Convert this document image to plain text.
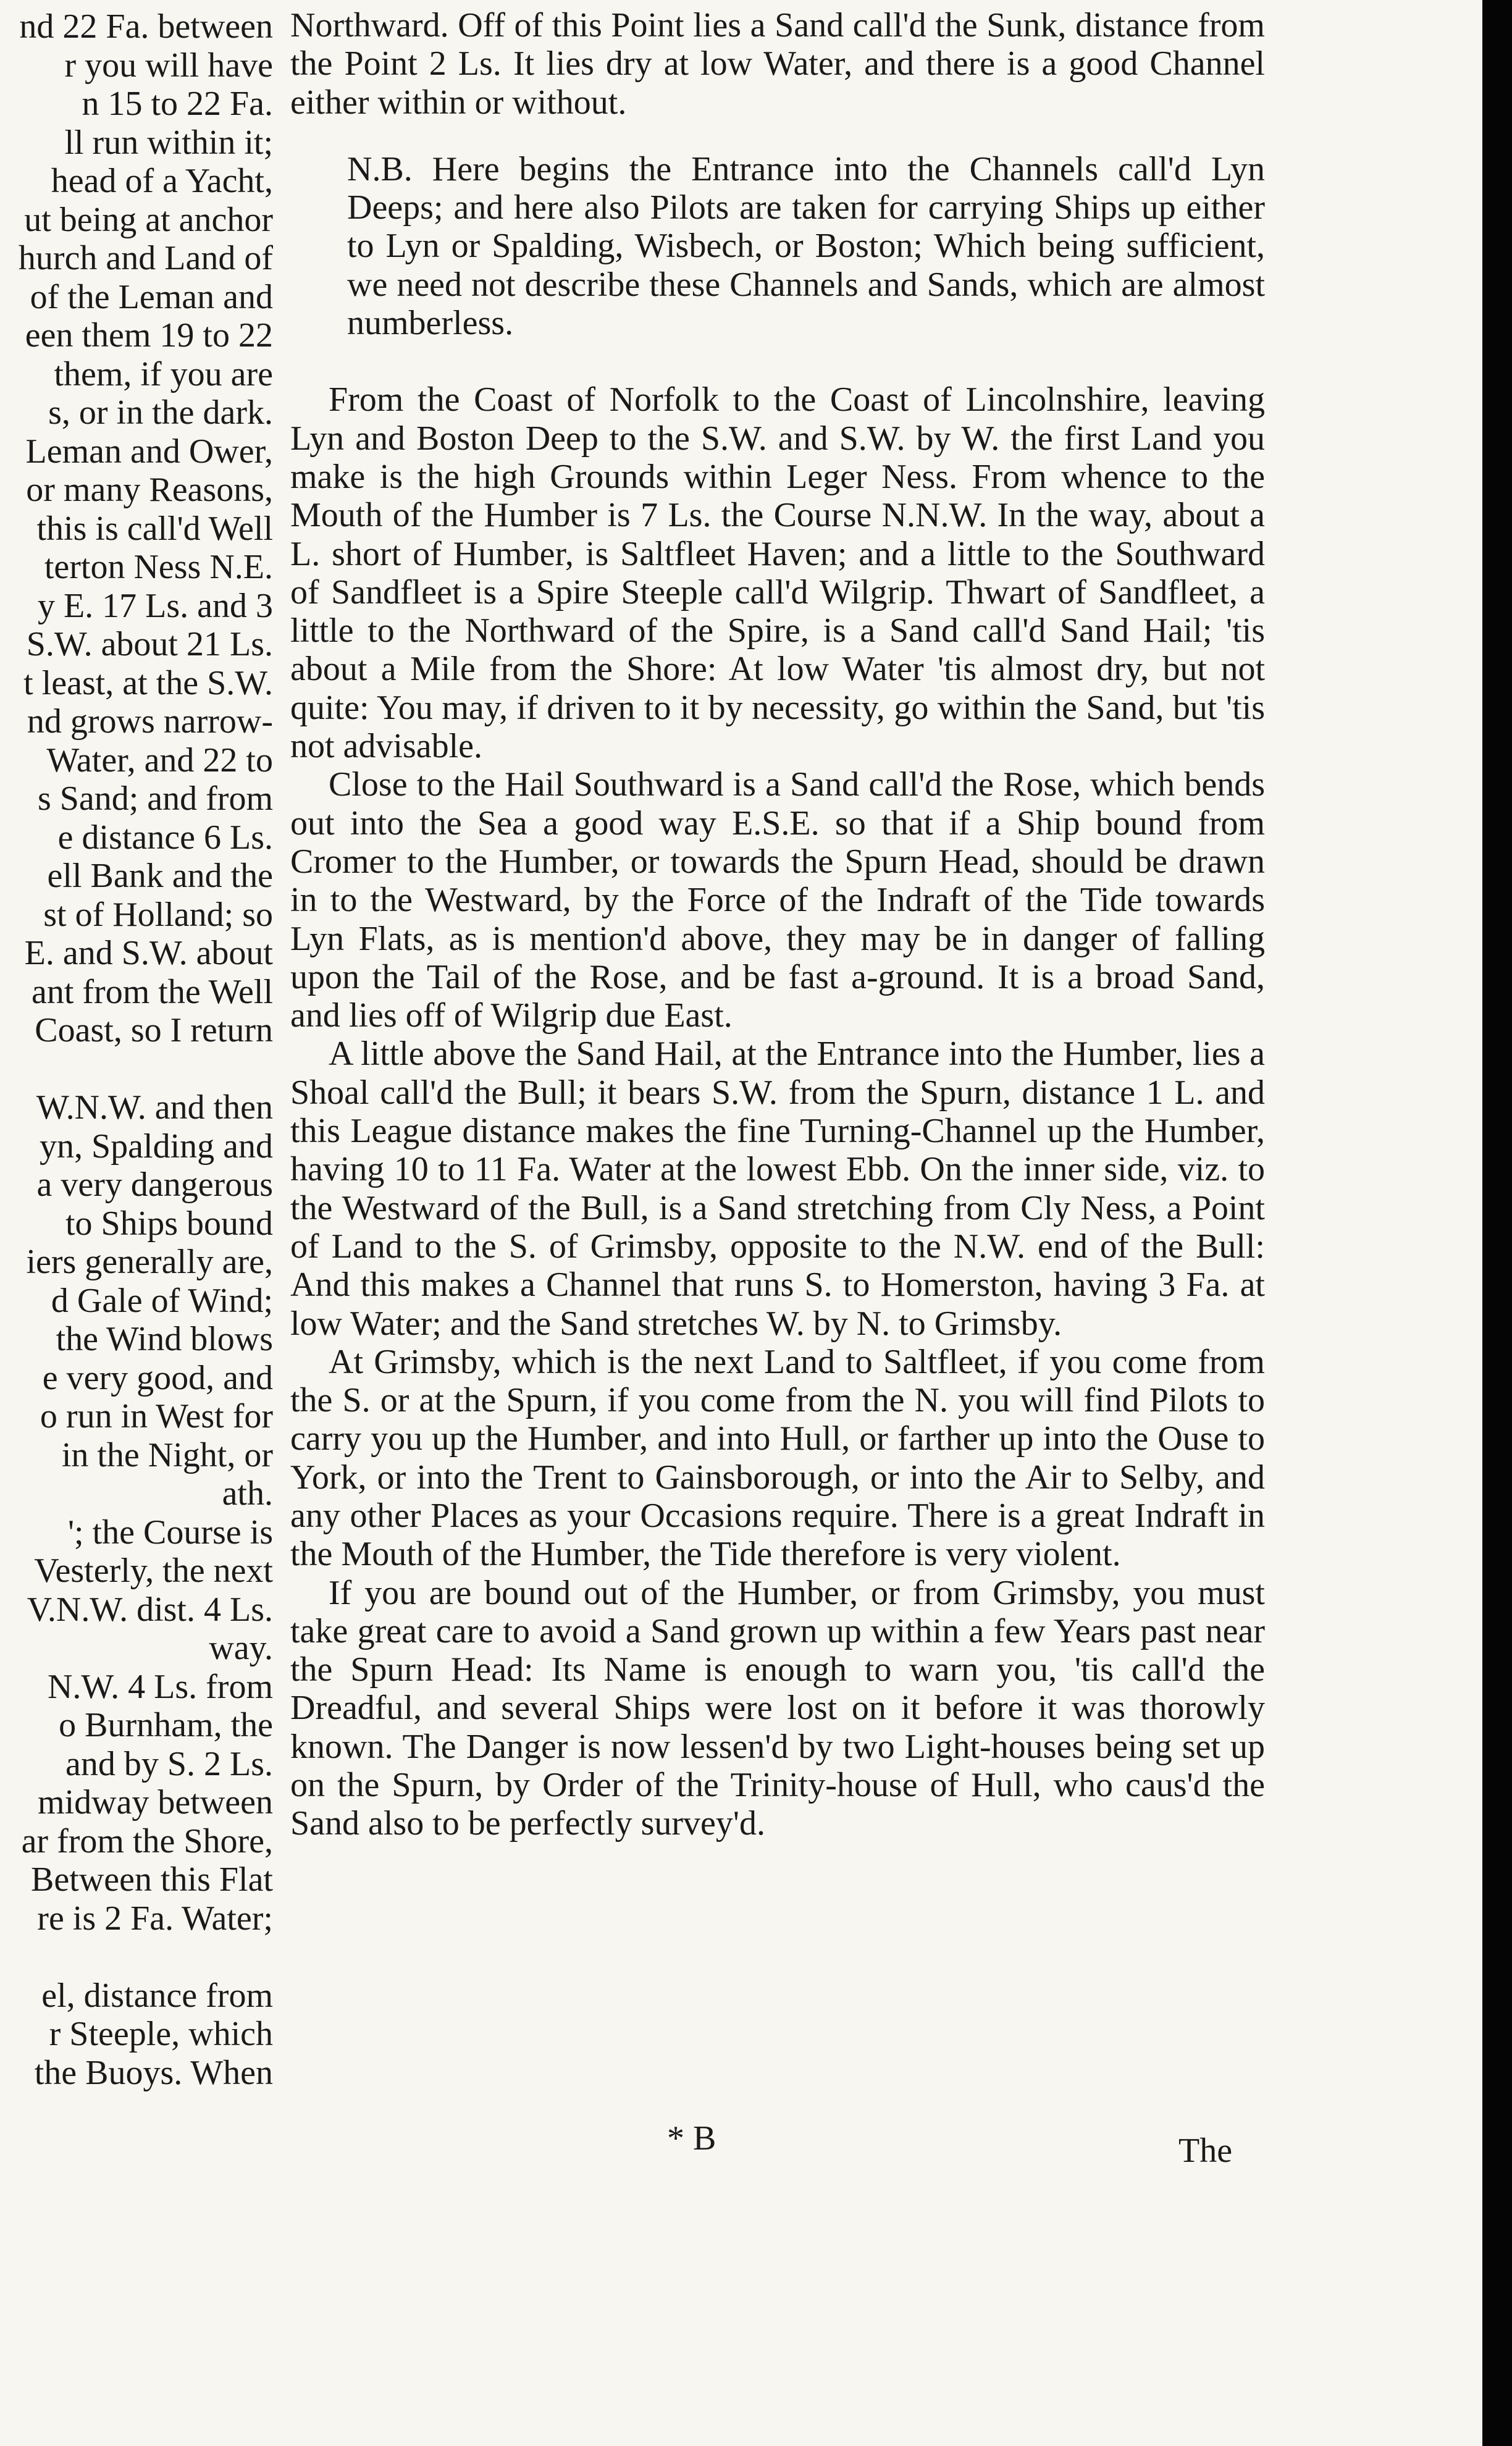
nd 22 Fa. between
r you will have
n 15 to 22 Fa.
ll run within it;
head of a Yacht,
ut being at anchor
hurch and Land of
of the Leman and
een them 19 to 22
them, if you are
s, or in the dark.
Leman and Ower,
or many Reasons,
this is call'd Well
terton Ness N.E.
y E. 17 Ls. and 3
S.W. about 21 Ls.
t least, at the S.W.
nd grows narrow-
Water, and 22 to
s Sand; and from
e distance 6 Ls.
ell Bank and the
st of Holland; so
E. and S.W. about
ant from the Well
Coast, so I return
W.N.W. and then
yn, Spalding and
a very dangerous
to Ships bound
iers generally are,
d Gale of Wind;
the Wind blows
e very good, and
o run in West for
in the Night, or
ath.
'; the Course is
Vesterly, the next
V.N.W. dist. 4 Ls.
way.
N.W. 4 Ls. from
o Burnham, the
and by S. 2 Ls.
midway between
ar from the Shore,
Between this Flat
re is 2 Fa. Water;
el, distance from
r Steeple, which
the Buoys. When

Northward. Off of this Point lies a Sand call'd the Sunk, distance from the Point 2 Ls. It lies dry at low Water, and there is a good Channel either within or without.

N.B. Here begins the Entrance into the Channels call'd Lyn Deeps; and here also Pilots are taken for carrying Ships up either to Lyn or Spalding, Wisbech, or Boston; Which being sufficient, we need not describe these Channels and Sands, which are almost numberless.

From the Coast of Norfolk to the Coast of Lincolnshire, leaving Lyn and Boston Deep to the S.W. and S.W. by W. the first Land you make is the high Grounds within Leger Ness. From whence to the Mouth of the Humber is 7 Ls. the Course N.N.W. In the way, about a L. short of Humber, is Saltfleet Haven; and a little to the Southward of Sandfleet is a Spire Steeple call'd Wilgrip. Thwart of Sandfleet, a little to the Northward of the Spire, is a Sand call'd Sand Hail; 'tis about a Mile from the Shore: At low Water 'tis almost dry, but not quite: You may, if driven to it by necessity, go within the Sand, but 'tis not advisable.

Close to the Hail Southward is a Sand call'd the Rose, which bends out into the Sea a good way E.S.E. so that if a Ship bound from Cromer to the Humber, or towards the Spurn Head, should be drawn in to the Westward, by the Force of the Indraft of the Tide towards Lyn Flats, as is mention'd above, they may be in danger of falling upon the Tail of the Rose, and be fast a-ground. It is a broad Sand, and lies off of Wilgrip due East.

A little above the Sand Hail, at the Entrance into the Humber, lies a Shoal call'd the Bull; it bears S.W. from the Spurn, distance 1 L. and this League distance makes the fine Turning-Channel up the Humber, having 10 to 11 Fa. Water at the lowest Ebb. On the inner side, viz. to the Westward of the Bull, is a Sand stretching from Cly Ness, a Point of Land to the S. of Grimsby, opposite to the N.W. end of the Bull: And this makes a Channel that runs S. to Homerston, having 3 Fa. at low Water; and the Sand stretches W. by N. to Grimsby.

At Grimsby, which is the next Land to Saltfleet, if you come from the S. or at the Spurn, if you come from the N. you will find Pilots to carry you up the Humber, and into Hull, or farther up into the Ouse to York, or into the Trent to Gainsborough, or into the Air to Selby, and any other Places as your Occasions require. There is a great Indraft in the Mouth of the Humber, the Tide therefore is very violent.

If you are bound out of the Humber, or from Grimsby, you must take great care to avoid a Sand grown up within a few Years past near the Spurn Head: Its Name is enough to warn you, 'tis call'd the Dreadful, and several Ships were lost on it before it was thorowly known. The Danger is now lessen'd by two Light-houses being set up on the Spurn, by Order of the Trinity-house of Hull, who caus'd the Sand also to be perfectly survey'd.

* B	The
